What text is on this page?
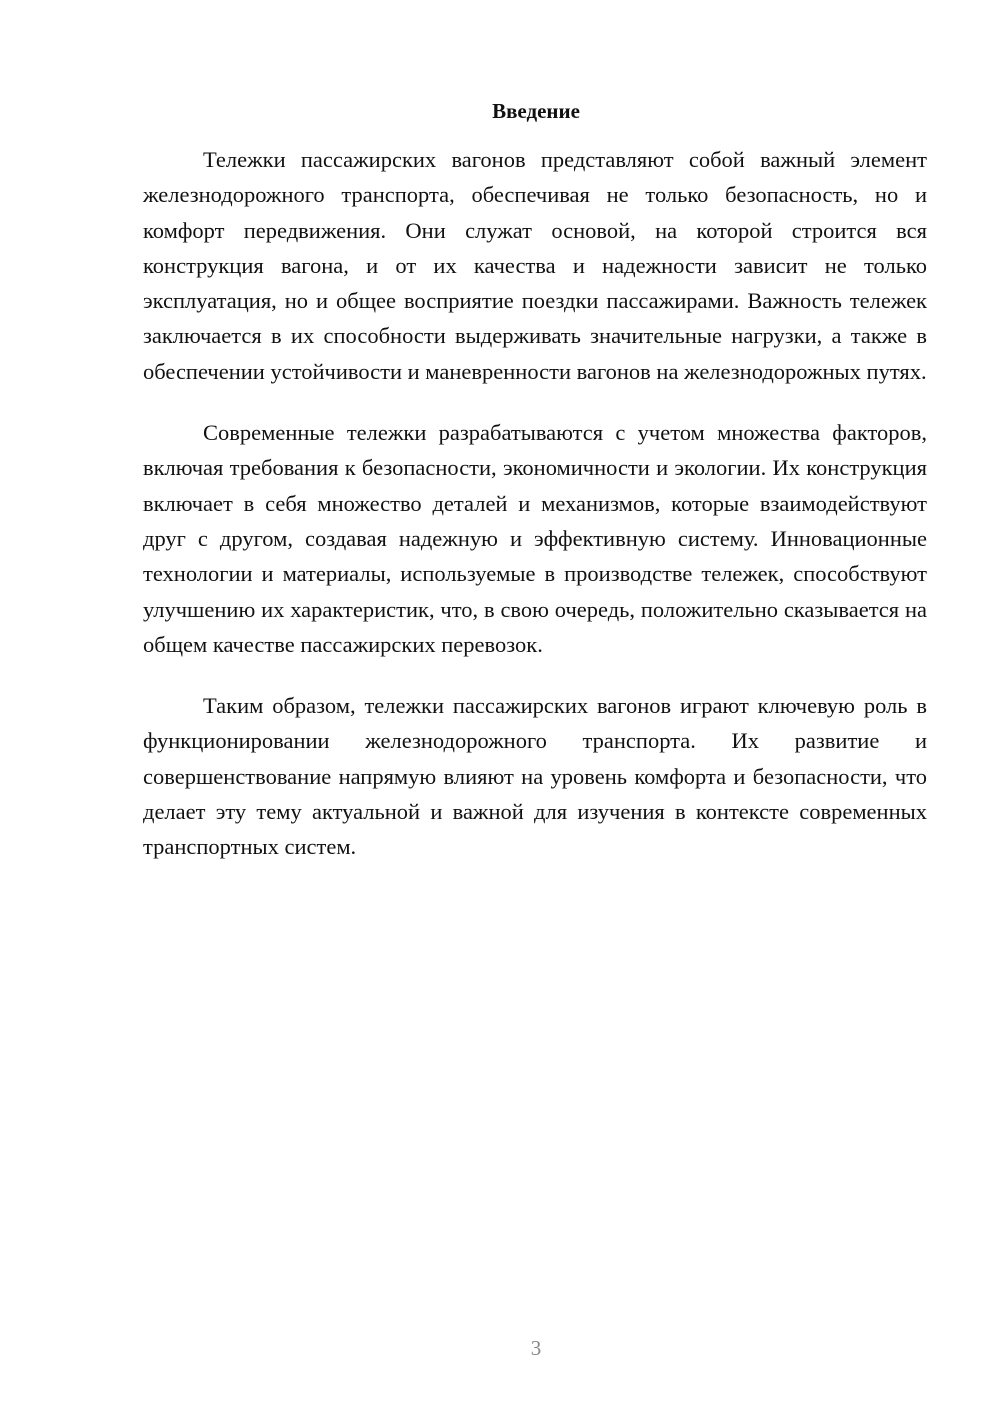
Введение

Тележки пассажирских вагонов представляют собой важный элемент железнодорожного транспорта, обеспечивая не только безопасность, но и комфорт передвижения. Они служат основой, на которой строится вся конструкция вагона, и от их качества и надежности зависит не только эксплуатация, но и общее восприятие поездки пассажирами. Важность тележек заключается в их способности выдерживать значительные нагрузки, а также в обеспечении устойчивости и маневренности вагонов на железнодорожных путях.

Современные тележки разрабатываются с учетом множества факторов, включая требования к безопасности, экономичности и экологии. Их конструкция включает в себя множество деталей и механизмов, которые взаимодействуют друг с другом, создавая надежную и эффективную систему. Инновационные технологии и материалы, используемые в производстве тележек, способствуют улучшению их характеристик, что, в свою очередь, положительно сказывается на общем качестве пассажирских перевозок.

Таким образом, тележки пассажирских вагонов играют ключевую роль в функционировании железнодорожного транспорта. Их развитие и совершенствование напрямую влияют на уровень комфорта и безопасности, что делает эту тему актуальной и важной для изучения в контексте современных транспортных систем.

3
